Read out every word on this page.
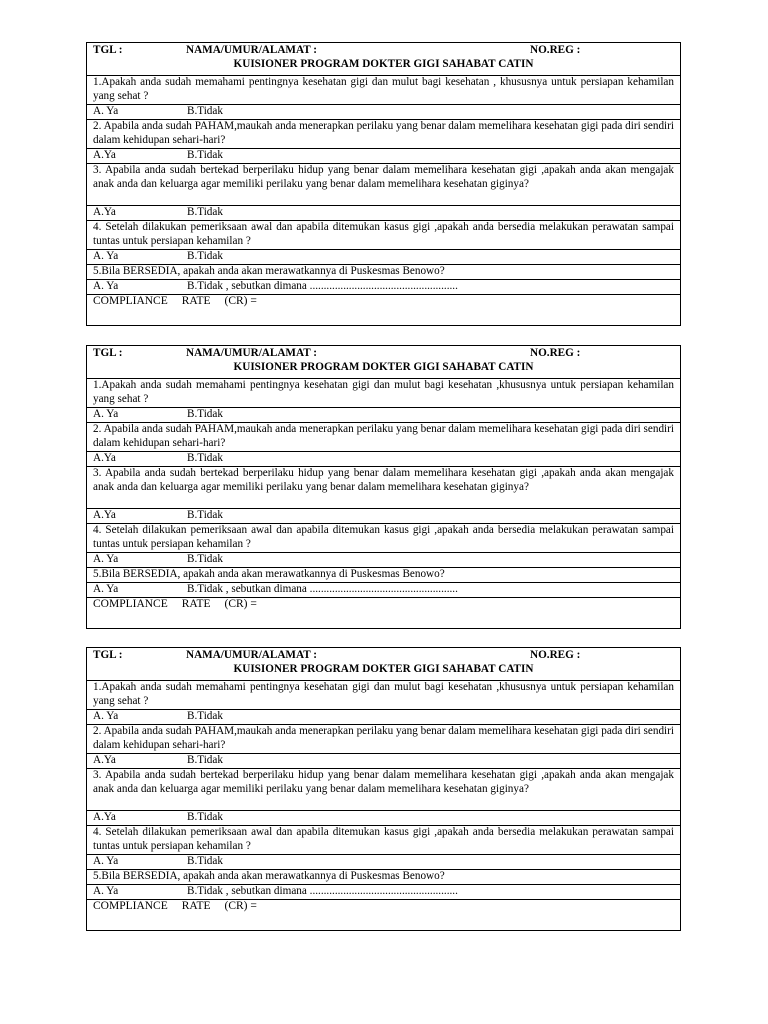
TGL :	NAMA/UMUR/ALAMAT :	NO.REG :
KUISIONER PROGRAM DOKTER GIGI SAHABAT CATIN
1.Apakah anda sudah memahami pentingnya kesehatan gigi dan mulut bagi kesehatan , khususnya untuk persiapan kehamilan yang sehat ?
A. Ya	B.Tidak
2. Apabila anda sudah PAHAM,maukah anda menerapkan perilaku yang benar dalam memelihara kesehatan gigi pada diri sendiri dalam kehidupan sehari-hari?
A.Ya	B.Tidak
3. Apabila anda sudah bertekad berperilaku hidup yang benar dalam memelihara kesehatan gigi ,apakah anda akan mengajak anak anda dan keluarga agar memiliki perilaku yang benar dalam memelihara kesehatan giginya?
A.Ya	B.Tidak
4. Setelah dilakukan pemeriksaan awal dan apabila ditemukan kasus gigi ,apakah anda bersedia melakukan perawatan sampai tuntas untuk persiapan kehamilan ?
A. Ya	B.Tidak
5.Bila BERSEDIA, apakah anda akan merawatkannya di Puskesmas Benowo?
A. Ya	B.Tidak , sebutkan dimana .....................................................
COMPLIANCE RATE (CR) =
TGL :	NAMA/UMUR/ALAMAT :	NO.REG :
KUISIONER PROGRAM DOKTER GIGI SAHABAT CATIN
1.Apakah anda sudah memahami pentingnya kesehatan gigi dan mulut bagi kesehatan ,khususnya untuk persiapan kehamilan yang sehat ?
A. Ya	B.Tidak
2. Apabila anda sudah PAHAM,maukah anda menerapkan perilaku yang benar dalam memelihara kesehatan gigi pada diri sendiri dalam kehidupan sehari-hari?
A.Ya	B.Tidak
3. Apabila anda sudah bertekad berperilaku hidup yang benar dalam memelihara kesehatan gigi ,apakah anda akan mengajak anak anda dan keluarga agar memiliki perilaku yang benar dalam memelihara kesehatan giginya?
A.Ya	B.Tidak
4. Setelah dilakukan pemeriksaan awal dan apabila ditemukan kasus gigi ,apakah anda bersedia melakukan perawatan sampai tuntas untuk persiapan kehamilan ?
A. Ya	B.Tidak
5.Bila BERSEDIA, apakah anda akan merawatkannya di Puskesmas Benowo?
A. Ya	B.Tidak , sebutkan dimana .....................................................
COMPLIANCE RATE (CR) =
TGL :	NAMA/UMUR/ALAMAT :	NO.REG :
KUISIONER PROGRAM DOKTER GIGI SAHABAT CATIN
1.Apakah anda sudah memahami pentingnya kesehatan gigi dan mulut bagi kesehatan ,khususnya untuk persiapan kehamilan yang sehat ?
A. Ya	B.Tidak
2. Apabila anda sudah PAHAM,maukah anda menerapkan perilaku yang benar dalam memelihara kesehatan gigi pada diri sendiri dalam kehidupan sehari-hari?
A.Ya	B.Tidak
3. Apabila anda sudah bertekad berperilaku hidup yang benar dalam memelihara kesehatan gigi ,apakah anda akan mengajak anak anda dan keluarga agar memiliki perilaku yang benar dalam memelihara kesehatan giginya?
A.Ya	B.Tidak
4. Setelah dilakukan pemeriksaan awal dan apabila ditemukan kasus gigi ,apakah anda bersedia melakukan perawatan sampai tuntas untuk persiapan kehamilan ?
A. Ya	B.Tidak
5.Bila BERSEDIA, apakah anda akan merawatkannya di Puskesmas Benowo?
A. Ya	B.Tidak , sebutkan dimana .....................................................
COMPLIANCE RATE (CR) =
